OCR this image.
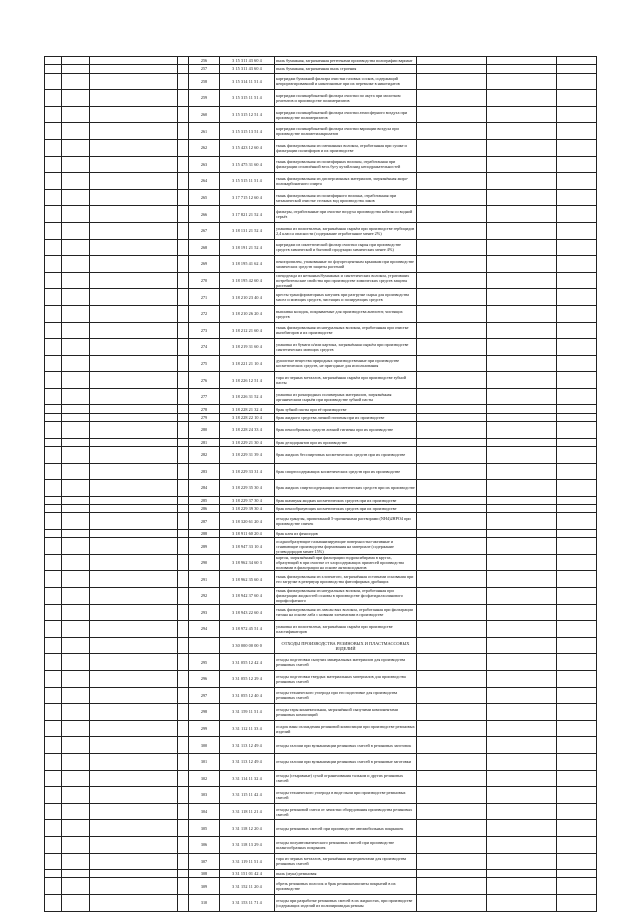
				256	3 15 311 43 60 4	пыль бумажная, загрязненная ретегенами производства полиграфии вариант			
				257	3 15 311 43 60 4	пыль бумажная, загрязненная пыль строения			
				258	3 15 314 11 51 4	картриджи бумажной фильтра очистки газовых сосков, содержащий непрореагировавший и никотиновые при их перевалке в никотидатов			
				259	3 15 315 11 51 4	картриджи поликарбонатной фильтра очистки по акута при молотком реагентов и производстве полимеризатов			
				260	3 15 315 12 51 4	картриджи поликарбонатной фильтра очистки атмосферного воздуха при производстве полимеризатов			
				261	3 15 315 13 51 4	картриджи поликарбонатной фильтра очистки вариации воздуха при производстве полиметилакрилатов			
				262	3 15 423 12 60 4	ткань фильтровальная из смешанных волокон, отработанная при сушке и фильтрации полиэфиров и их производстве			
				263	3 15 475 31 60 4	ткань фильтровальная из полиэфирных волокон, отработанная при фильтрации оглавлённой весь бугу кутайлонид неподражательностей			
				264	3 15 515 11 51 4	ткань фильтровальная из дисперсионных материалов, загрязнённая жиро-поликарбонатного спирта			
				265	3 17 715 12 60 4	ткань фильтровальная из полиэфирного волокна, отработанная при механической очистке сточных вод производства лаков			
				266	3 17 821 21 52 4	фильтры, отработанные при очистке воздуха производства кабеля со водной серьёз			
				267	3 18 131 21 52 4	упаковка из полиэтилена, загрязнённая сырьём при производстве гербицидов 2,4 класса опасности (содержание отработанное менее 2%)			
				268	3 18 191 21 52 4	картриджи из синтетической фильтр очистки сырья при производстве средств химической и бытовой продукции химических менее 4%)			
				269	3 18 195 41 62 4	пенопропилен, упакованные по флуоресцентным крышкам при производстве химических средств защиты растений			
				270	3 18 195 42 60 4	спецодежда из нетканых/бумажных и синтетических волокон, утративших потребительские свойства при производстве химических средств защиты растений			
				271	3 18 210 23 40 4	кресты трансформаторных катушек при разгрузке сырья для производства масел и моющих средств, чистящих и полирующих средств			
				272	3 18 210 26 20 4	выплавка колодок, покрываемые для производства антисепт, чистящих средств			
				273	3 18 212 21 60 4	ткань фильтровальная из натуральных волокон, отработанная при очистке ингибиторов и их производстве			
				274	3 18 219 31 60 4	упаковка из бумаги и/или картона, загрязнённая сырьём при производстве синтетических моющих средств			
				275	3 18 221 21 10 4	душистые вещества природных производственные при производстве косметических средств, не пригодные для использования			
				276	3 18 226 12 51 4	тара из черных металлов, загрязнённая сырьём при производстве зубной пасты			
				277	3 18 226 31 52 4	упаковка из разнородных полимерных материалов, загрязнённая органическим сырьём при производстве зубной пасты			
				278	3 18 228 21 32 4	брак зубной пасты при её производстве			
				279	3 18 228 22 10 4	брак жидкого средства личной гигиены при их производстве			
				280	3 18 228 24 33 4	брак пенообразных средств личной гигиены при их производстве			
				281	3 18 229 21 30 4	брак дезодорантов при их производстве			
				282	3 18 229 31 39 4	брак жидких бесспиртовых косметических средств при их производстве			
				283	3 18 229 33 31 4	брак спиртосодержащих косметических средств при их производстве			
				284	3 18 229 35 30 4	брак жидких спиртосодержащих косметических средств при их производстве			
				285	3 18 229 37 30 4	брак шампуня жидких косметических средств при их производстве			
				286	3 18 229 39 30 4	брак пенообразующих косметических средств при их производстве			
				287	3 18 320 61 20 4	отходы гранулы, пропитанной 5-орочнеными растворами (NH4)2HPO4 при производстве спичек			
				288	3 18 911 60 20 4	брак клея из фенолэдов			
				289	3 18 947 33 10 4	осадкообразующие гальванизирующие поверхностно-активные и сгнивающие производства формования на материале (содержание углеводородов менее 15%)			
				290	3 18 962 34 60 3	картон, загрязнённый при фильтрации гидроксибирама в кругах, образующий в при очистке от хлорсодержащих примесей производства поливами в фильтрации на основе антиоксидантов			
				291	3 18 962 35 60 4	ткань фильтровальная из хлопчатого, загрязнённая остатками основания при его загрузке в резервуар производства фитоэфирных дробящих			
				292	3 18 942 37 60 4	ткань фильтровальная из натуральных волокон, отработанная при фильтрации жидкостей основы в производстве фосфатидилхолинового пирофосфатного			
				293	3 18 943 22 60 4	ткань фильтровальная из лавсан вых волокон, отработанная при фильтрации титана на основе лаба с новыми элементами в производстве			
				294	3 18 972 45 51 4	упаковка из полиэтилена, загрязнённая сырьём при производстве пластификаторов			
					3 30 000 00 00 0	ОТХОДЫ ПРОИЗВОДСТВА РЕЗИНОВЫХ И ПЛАСТМАССОВЫХ ИЗДЕЛИЙ			
				295	3 31 055 12 42 4	отходы подготовки сыпучих минеральных материалов для производства резиновых смесей			
				296	3 31 055 12 29 4	отходы подготовки твердых материальных материалов для производства резиновых смесей			
				297	3 31 055 12 40 4	отходы технического углерода при его подготовке для производства резиновых смесей			
				298	3 31 159 11 51 4	отходы тары коннектильная, загрязнённой сыпучими компонентами резиновых композиций			
				299	3 31 112 11 33 4	осадок ванн охлаждения резиновой композиции при производстве резиновых изделий			
				300	3 31 113 12 49 4	отходы галоши при вулканизации резиновых смесей в резиновых заготовок			
				301	3 31 113 12 49 4	отходы галоши при вулканизации резиновых смесей в резиновые заготовки			
				302	3 31 114 11 32 4	отходы (стыравные) сухой ограничивания тальком и других резиновых смесей			
				303	3 31 115 11 42 4	отходы технического углерода в виде пыли при производстве резиновых смесей			
				304	3 31 118 11 21 4	отходы резиновой смеси от зачистки оборудования производства резиновых смесей			
				305	3 31 118 12 20 4	отходы резиновых смесей при производстве автомобильных покрышек			
				306	3 31 118 13 29 4	отходы полуавтоматического резиновых смесей при производстве шлангообразных покрышек			
				307	3 31 119 11 51 4	тара из черных металлов, загрязнённая ингредиентами для производства резиновых смесей			
				308	3 31 151 01 42 4	пыль (мука) резиновая			
				309	3 31 152 11 20 4	обрезь резиновых полосок и брак резинокомпозиты покрытий в их производстве			
				310	3 31 153 11 71 4	отходы при разработке резиновых смесей в их жидкостях, при производстве (содержащих изделий из полипиримидна резины			
